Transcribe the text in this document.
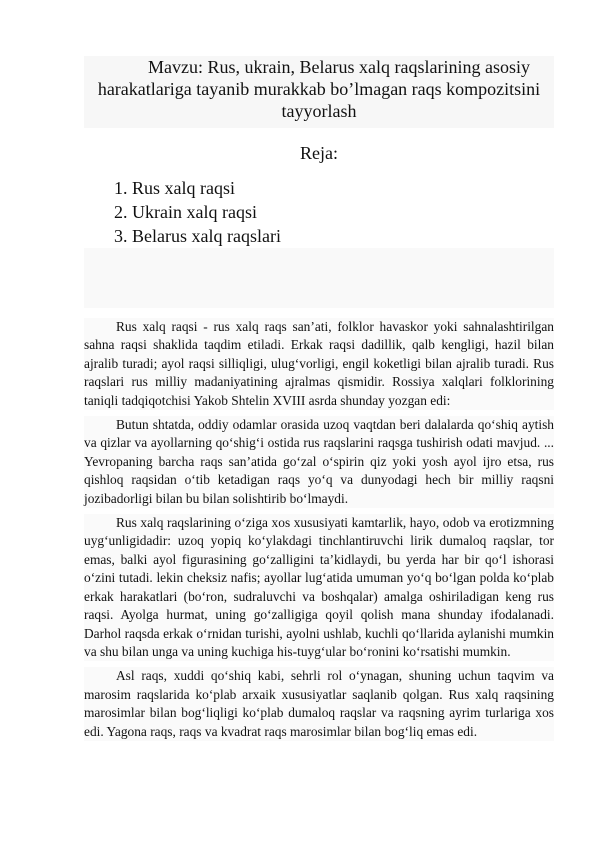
Mavzu: Rus, ukrain, Belarus xalq raqslarining asosiy
harakatlariga tayanib murakkab bo’lmagan raqs kompozitsini
tayyorlash
Reja:
1. Rus xalq raqsi
2. Ukrain xalq raqsi
3. Belarus xalq raqslari

Rus xalq raqsi - rus xalq raqs san’ati, folklor havaskor yoki sahnalashtirilgan sahna raqsi shaklida taqdim etiladi. Erkak raqsi dadillik, qalb kengligi, hazil bilan ajralib turadi; ayol raqsi silliqligi, ulug‘vorligi, engil koketligi bilan ajralib turadi. Rus raqslari rus milliy madaniyatining ajralmas qismidir. Rossiya xalqlari folklorining taniqli tadqiqotchisi Yakob Shtelin XVIII asrda shunday yozgan edi:

Butun shtatda, oddiy odamlar orasida uzoq vaqtdan beri dalalarda qo‘shiq aytish va qizlar va ayollarning qo‘shig‘i ostida rus raqslarini raqsga tushirish odati mavjud. ... Yevropaning barcha raqs san’atida go‘zal o‘spirin qiz yoki yosh ayol ijro etsa, rus qishloq raqsidan o‘tib ketadigan raqs yo‘q va dunyodagi hech bir milliy raqsni jozibadorligi bilan bu bilan solishtirib bo‘lmaydi.

Rus xalq raqslarining o‘ziga xos xususiyati kamtarlik, hayo, odob va erotizmning uyg‘unligidadir: uzoq yopiq ko‘ylakdagi tinchlantiruvchi lirik dumaloq raqslar, tor emas, balki ayol figurasining go‘zalligini ta’kidlaydi, bu yerda har bir qo‘l ishorasi o‘zini tutadi. lekin cheksiz nafis; ayollar lug‘atida umuman yo‘q bo‘lgan polda ko‘plab erkak harakatlari (bo‘ron, sudraluvchi va boshqalar) amalga oshiriladigan keng rus raqsi. Ayolga hurmat, uning go‘zalligiga qoyil qolish mana shunday ifodalanadi. Darhol raqsda erkak o‘rnidan turishi, ayolni ushlab, kuchli qo‘llarida aylanishi mumkin va shu bilan unga va uning kuchiga his-tuyg‘ular bo‘ronini ko‘rsatishi mumkin.

Asl raqs, xuddi qo‘shiq kabi, sehrli rol o‘ynagan, shuning uchun taqvim va marosim raqslarida ko‘plab arxaik xususiyatlar saqlanib qolgan. Rus xalq raqsining marosimlar bilan bog‘liqligi ko‘plab dumaloq raqslar va raqsning ayrim turlariga xos edi. Yagona raqs, raqs va kvadrat raqs marosimlar bilan bog‘liq emas edi.
